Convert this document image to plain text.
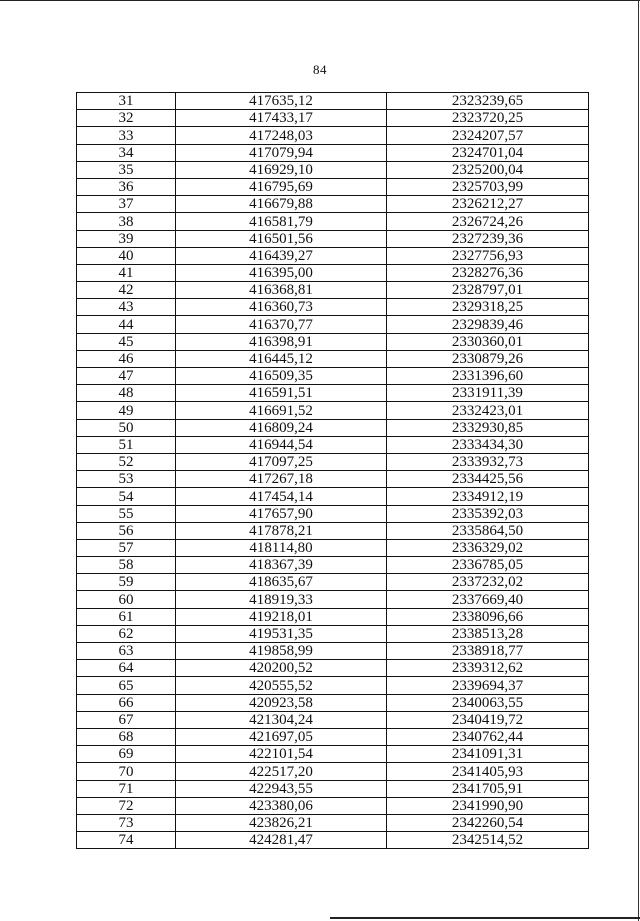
84
31	417635,12	2323239,65
32	417433,17	2323720,25
33	417248,03	2324207,57
34	417079,94	2324701,04
35	416929,10	2325200,04
36	416795,69	2325703,99
37	416679,88	2326212,27
38	416581,79	2326724,26
39	416501,56	2327239,36
40	416439,27	2327756,93
41	416395,00	2328276,36
42	416368,81	2328797,01
43	416360,73	2329318,25
44	416370,77	2329839,46
45	416398,91	2330360,01
46	416445,12	2330879,26
47	416509,35	2331396,60
48	416591,51	2331911,39
49	416691,52	2332423,01
50	416809,24	2332930,85
51	416944,54	2333434,30
52	417097,25	2333932,73
53	417267,18	2334425,56
54	417454,14	2334912,19
55	417657,90	2335392,03
56	417878,21	2335864,50
57	418114,80	2336329,02
58	418367,39	2336785,05
59	418635,67	2337232,02
60	418919,33	2337669,40
61	419218,01	2338096,66
62	419531,35	2338513,28
63	419858,99	2338918,77
64	420200,52	2339312,62
65	420555,52	2339694,37
66	420923,58	2340063,55
67	421304,24	2340419,72
68	421697,05	2340762,44
69	422101,54	2341091,31
70	422517,20	2341405,93
71	422943,55	2341705,91
72	423380,06	2341990,90
73	423826,21	2342260,54
74	424281,47	2342514,52
